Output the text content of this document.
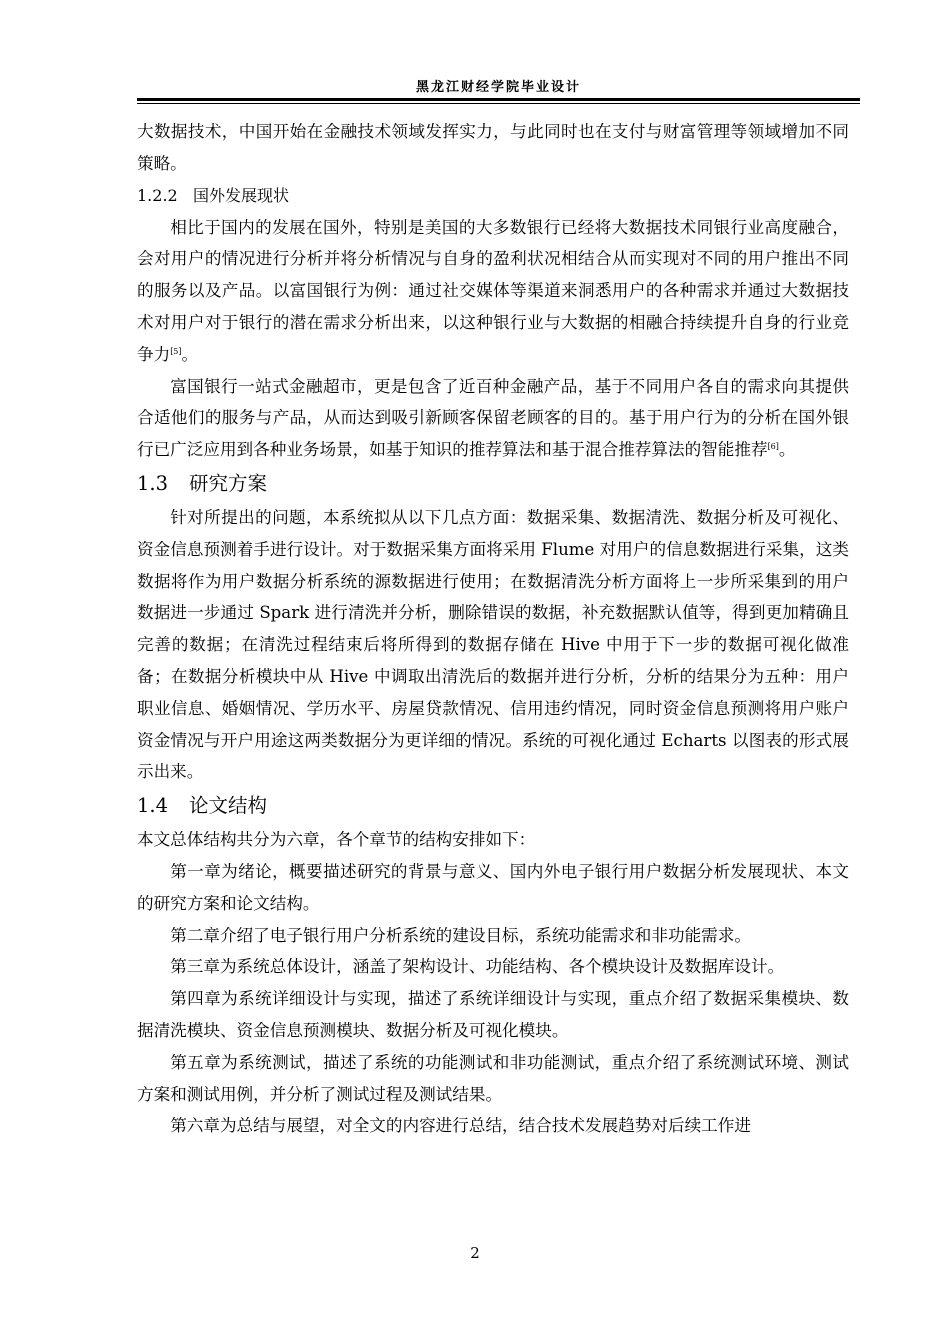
黑龙江财经学院毕业设计

大数据技术，中国开始在金融技术领域发挥实力，与此同时也在支付与财富管理等领域增加不同策略。

1.2.2 国外发展现状

相比于国内的发展在国外，特别是美国的大多数银行已经将大数据技术同银行业高度融合，会对用户的情况进行分析并将分析情况与自身的盈利状况相结合从而实现对不同的用户推出不同的服务以及产品。以富国银行为例：通过社交媒体等渠道来洞悉用户的各种需求并通过大数据技术对用户对于银行的潜在需求分析出来，以这种银行业与大数据的相融合持续提升自身的行业竞争力[5]。

富国银行一站式金融超市，更是包含了近百种金融产品，基于不同用户各自的需求向其提供合适他们的服务与产品，从而达到吸引新顾客保留老顾客的目的。基于用户行为的分析在国外银行已广泛应用到各种业务场景，如基于知识的推荐算法和基于混合推荐算法的智能推荐[6]。

1.3 研究方案

针对所提出的问题，本系统拟从以下几点方面：数据采集、数据清洗、数据分析及可视化、资金信息预测着手进行设计。对于数据采集方面将采用 Flume 对用户的信息数据进行采集，这类数据将作为用户数据分析系统的源数据进行使用；在数据清洗分析方面将上一步所采集到的用户数据进一步通过 Spark 进行清洗并分析，删除错误的数据，补充数据默认值等，得到更加精确且完善的数据；在清洗过程结束后将所得到的数据存储在 Hive 中用于下一步的数据可视化做准备；在数据分析模块中从 Hive 中调取出清洗后的数据并进行分析，分析的结果分为五种：用户职业信息、婚姻情况、学历水平、房屋贷款情况、信用违约情况，同时资金信息预测将用户账户资金情况与开户用途这两类数据分为更详细的情况。系统的可视化通过 Echarts 以图表的形式展示出来。

1.4 论文结构

本文总体结构共分为六章，各个章节的结构安排如下：

第一章为绪论，概要描述研究的背景与意义、国内外电子银行用户数据分析发展现状、本文的研究方案和论文结构。

第二章介绍了电子银行用户分析系统的建设目标，系统功能需求和非功能需求。

第三章为系统总体设计，涵盖了架构设计、功能结构、各个模块设计及数据库设计。

第四章为系统详细设计与实现，描述了系统详细设计与实现，重点介绍了数据采集模块、数据清洗模块、资金信息预测模块、数据分析及可视化模块。

第五章为系统测试，描述了系统的功能测试和非功能测试，重点介绍了系统测试环境、测试方案和测试用例，并分析了测试过程及测试结果。

第六章为总结与展望，对全文的内容进行总结，结合技术发展趋势对后续工作进

2
